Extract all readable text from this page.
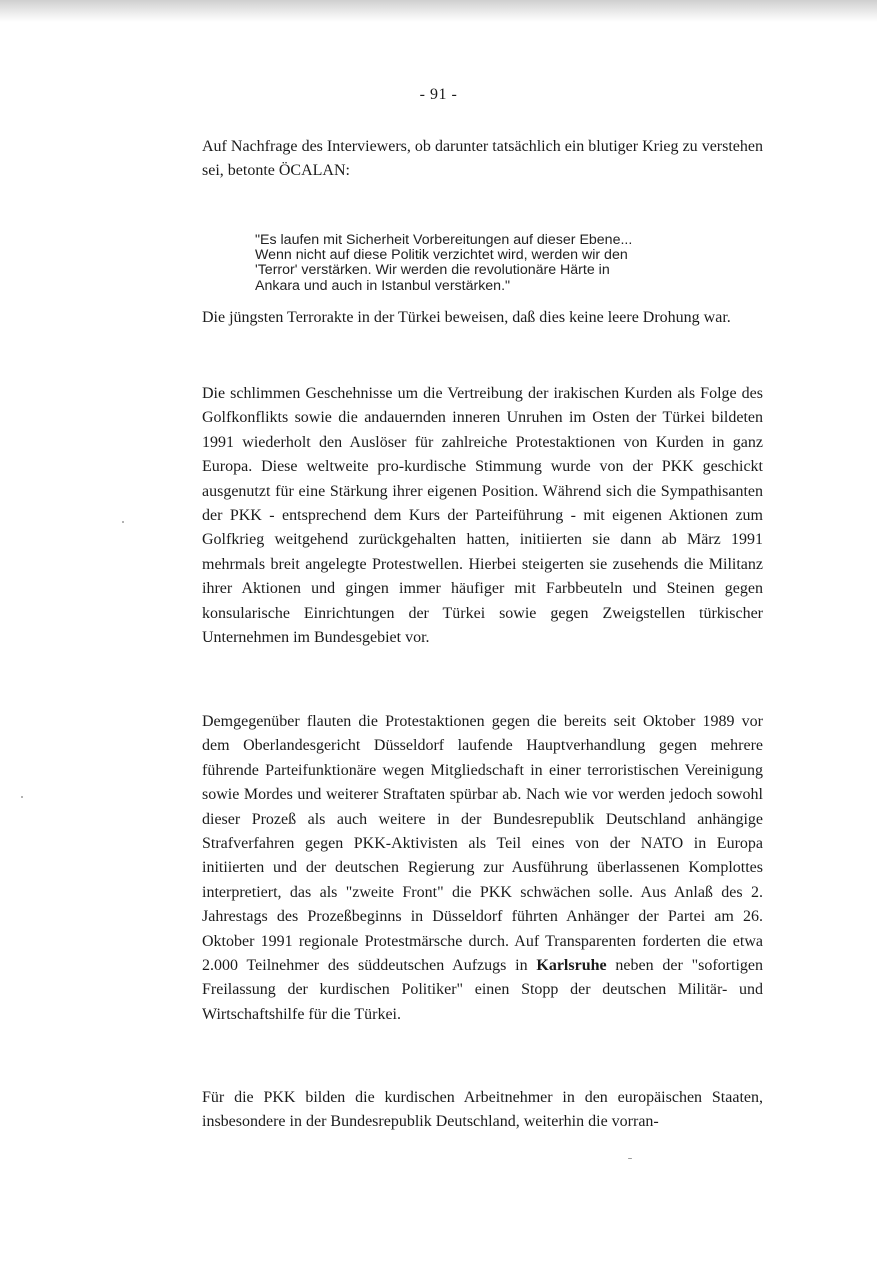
- 91 -

Auf Nachfrage des Interviewers, ob darunter tatsächlich ein blutiger Krieg zu verstehen sei, betonte ÖCALAN:

"Es laufen mit Sicherheit Vorbereitungen auf dieser Ebene...
Wenn nicht auf diese Politik verzichtet wird, werden wir den
'Terror' verstärken. Wir werden die revolutionäre Härte in
Ankara und auch in Istanbul verstärken."

Die jüngsten Terrorakte in der Türkei beweisen, daß dies keine leere Drohung war.

Die schlimmen Geschehnisse um die Vertreibung der irakischen Kurden als Folge des Golfkonflikts sowie die andauernden inneren Unruhen im Osten der Türkei bildeten 1991 wiederholt den Auslöser für zahlreiche Protestaktionen von Kurden in ganz Europa. Diese weltweite pro-kurdische Stimmung wurde von der PKK geschickt ausgenutzt für eine Stärkung ihrer eigenen Position. Während sich die Sympathisanten der PKK - entsprechend dem Kurs der Parteiführung - mit eigenen Aktionen zum Golfkrieg weitgehend zurückgehalten hatten, initiierten sie dann ab März 1991 mehrmals breit angelegte Protestwellen. Hierbei steigerten sie zusehends die Militanz ihrer Aktionen und gingen immer häufiger mit Farbbeuteln und Steinen gegen konsularische Einrichtungen der Türkei sowie gegen Zweigstellen türkischer Unternehmen im Bundesgebiet vor.

Demgegenüber flauten die Protestaktionen gegen die bereits seit Oktober 1989 vor dem Oberlandesgericht Düsseldorf laufende Hauptverhandlung gegen mehrere führende Parteifunktionäre wegen Mitgliedschaft in einer terroristischen Vereinigung sowie Mordes und weiterer Straftaten spürbar ab. Nach wie vor werden jedoch sowohl dieser Prozeß als auch weitere in der Bundesrepublik Deutschland anhängige Strafverfahren gegen PKK-Aktivisten als Teil eines von der NATO in Europa initiierten und der deutschen Regierung zur Ausführung überlassenen Komplottes interpretiert, das als "zweite Front" die PKK schwächen solle. Aus Anlaß des 2. Jahrestags des Prozeßbeginns in Düsseldorf führten Anhänger der Partei am 26. Oktober 1991 regionale Protestmärsche durch. Auf Transparenten forderten die etwa 2.000 Teilnehmer des süddeutschen Aufzugs in Karlsruhe neben der "sofortigen Freilassung der kurdischen Politiker" einen Stopp der deutschen Militär- und Wirtschaftshilfe für die Türkei.

Für die PKK bilden die kurdischen Arbeitnehmer in den europäischen Staaten, insbesondere in der Bundesrepublik Deutschland, weiterhin die vorran-
